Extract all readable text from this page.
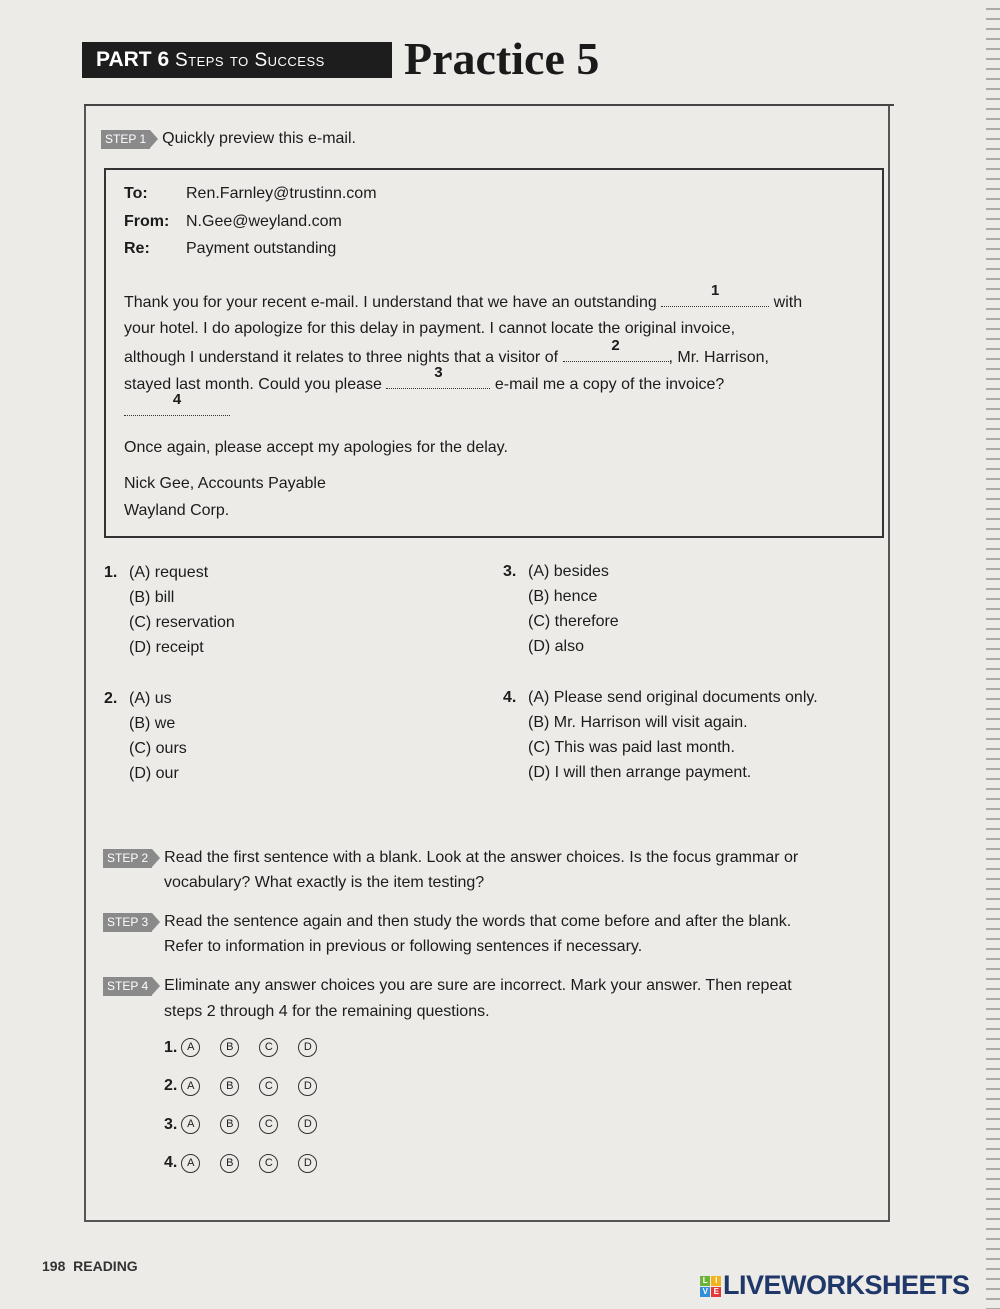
PART 6 Steps to Success	Practice 5
STEP 1 Quickly preview this e-mail.
To: Ren.Farnley@trustinn.com
From: N.Gee@weyland.com
Re: Payment outstanding
Thank you for your recent e-mail. I understand that we have an outstanding
1
with
your hotel. I do apologize for this delay in payment. I cannot locate the original invoice,
although I understand it relates to three nights that a visitor of
2
, Mr. Harrison,
stayed last month. Could you please
3
e-mail me a copy of the invoice?
4
Once again, please accept my apologies for the delay.
Nick Gee, Accounts Payable
Wayland Corp.
1. (A) request
(B) bill
(C) reservation
(D) receipt
2. (A) us
(B) we
(C) ours
(D) our
3. (A) besides
(B) hence
(C) therefore
(D) also
4. (A) Please send original documents only.
(B) Mr. Harrison will visit again.
(C) This was paid last month.
(D) I will then arrange payment.
STEP 2 Read the first sentence with a blank. Look at the answer choices. Is the focus grammar or
vocabulary? What exactly is the item testing?
STEP 3 Read the sentence again and then study the words that come before and after the blank.
Refer to information in previous or following sentences if necessary.
STEP 4 Eliminate any answer choices you are sure are incorrect. Mark your answer. Then repeat
steps 2 through 4 for the remaining questions.
1. A	B	C	D
2. A	B	C	D
3. A	B	C	D
4. A	B	C	D
198 READING
L I
V E LIVEWORKSHEETS
